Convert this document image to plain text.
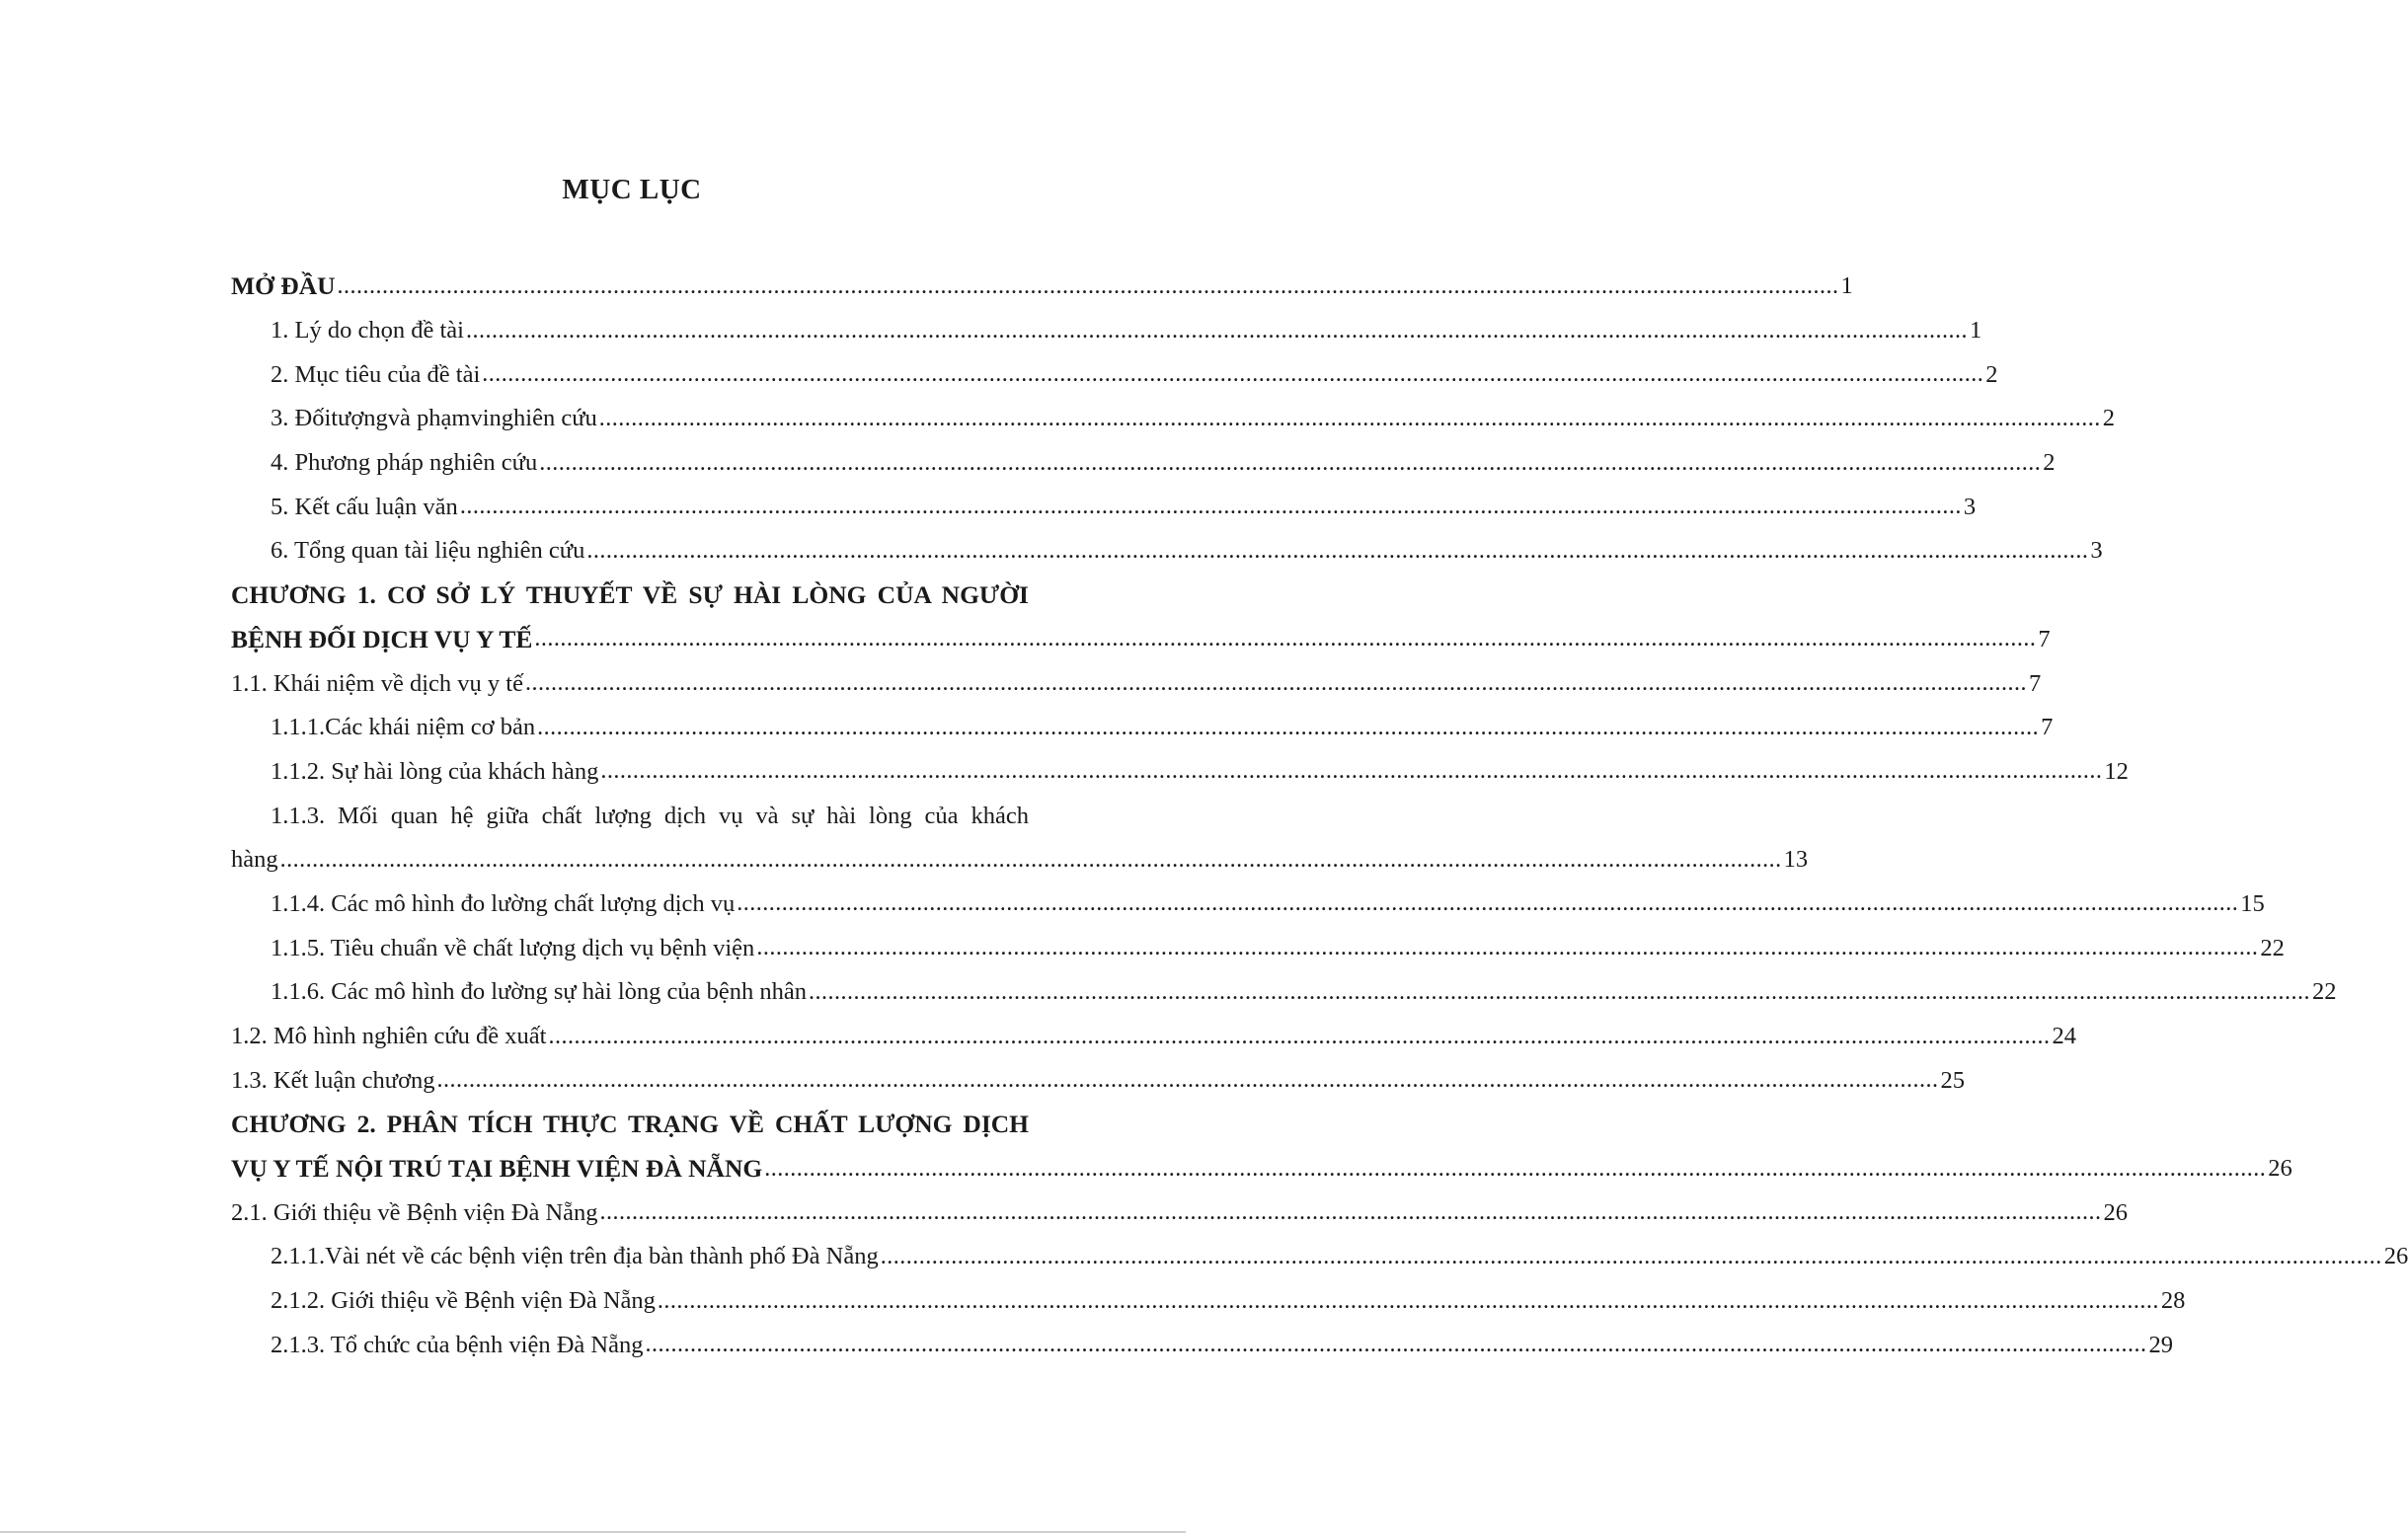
MỤC LỤC
MỞ ĐẦU .......................................................................................................................................................................................................................................... 1
1. Lý do chọn đề tài .......................................................................................................................................................................................................................................... 1
2. Mục tiêu của đề tài .......................................................................................................................................................................................................................................... 2
3. Đốitượngvà phạmvinghiên cứu .......................................................................................................................................................................................................................................... 2
4. Phương pháp nghiên cứu .......................................................................................................................................................................................................................................... 2
5. Kết cấu luận văn .......................................................................................................................................................................................................................................... 3
6. Tổng quan tài liệu nghiên cứu .......................................................................................................................................................................................................................................... 3
CHƯƠNG 1. CƠ SỞ LÝ THUYẾT VỀ SỰ HÀI LÒNG CỦA NGƯỜI
BỆNH ĐỐI DỊCH VỤ Y TẾ .......................................................................................................................................................................................................................................... 7
1.1. Khái niệm về dịch vụ y tế .......................................................................................................................................................................................................................................... 7
1.1.1.Các khái niệm cơ bản .......................................................................................................................................................................................................................................... 7
1.1.2. Sự hài lòng của khách hàng .......................................................................................................................................................................................................................................... 12
1.1.3. Mối quan hệ giữa chất lượng dịch vụ và sự hài lòng của khách
hàng .......................................................................................................................................................................................................................................... 13
1.1.4. Các mô hình đo lường chất lượng dịch vụ .......................................................................................................................................................................................................................................... 15
1.1.5. Tiêu chuẩn về chất lượng dịch vụ bệnh viện .......................................................................................................................................................................................................................................... 22
1.1.6. Các mô hình đo lường sự hài lòng của bệnh nhân .......................................................................................................................................................................................................................................... 22
1.2. Mô hình nghiên cứu đề xuất .......................................................................................................................................................................................................................................... 24
1.3. Kết luận chương .......................................................................................................................................................................................................................................... 25
CHƯƠNG 2. PHÂN TÍCH THỰC TRẠNG VỀ CHẤT LƯỢNG DỊCH
VỤ Y TẾ NỘI TRÚ TẠI BỆNH VIỆN ĐÀ NẴNG .......................................................................................................................................................................................................................................... 26
2.1. Giới thiệu về Bệnh viện Đà Nẵng .......................................................................................................................................................................................................................................... 26
2.1.1.Vài nét về các bệnh viện trên địa bàn thành phố Đà Nẵng .......................................................................................................................................................................................................................................... 26
2.1.2. Giới thiệu về Bệnh viện Đà Nẵng .......................................................................................................................................................................................................................................... 28
2.1.3. Tổ chức của bệnh viện Đà Nẵng .......................................................................................................................................................................................................................................... 29
